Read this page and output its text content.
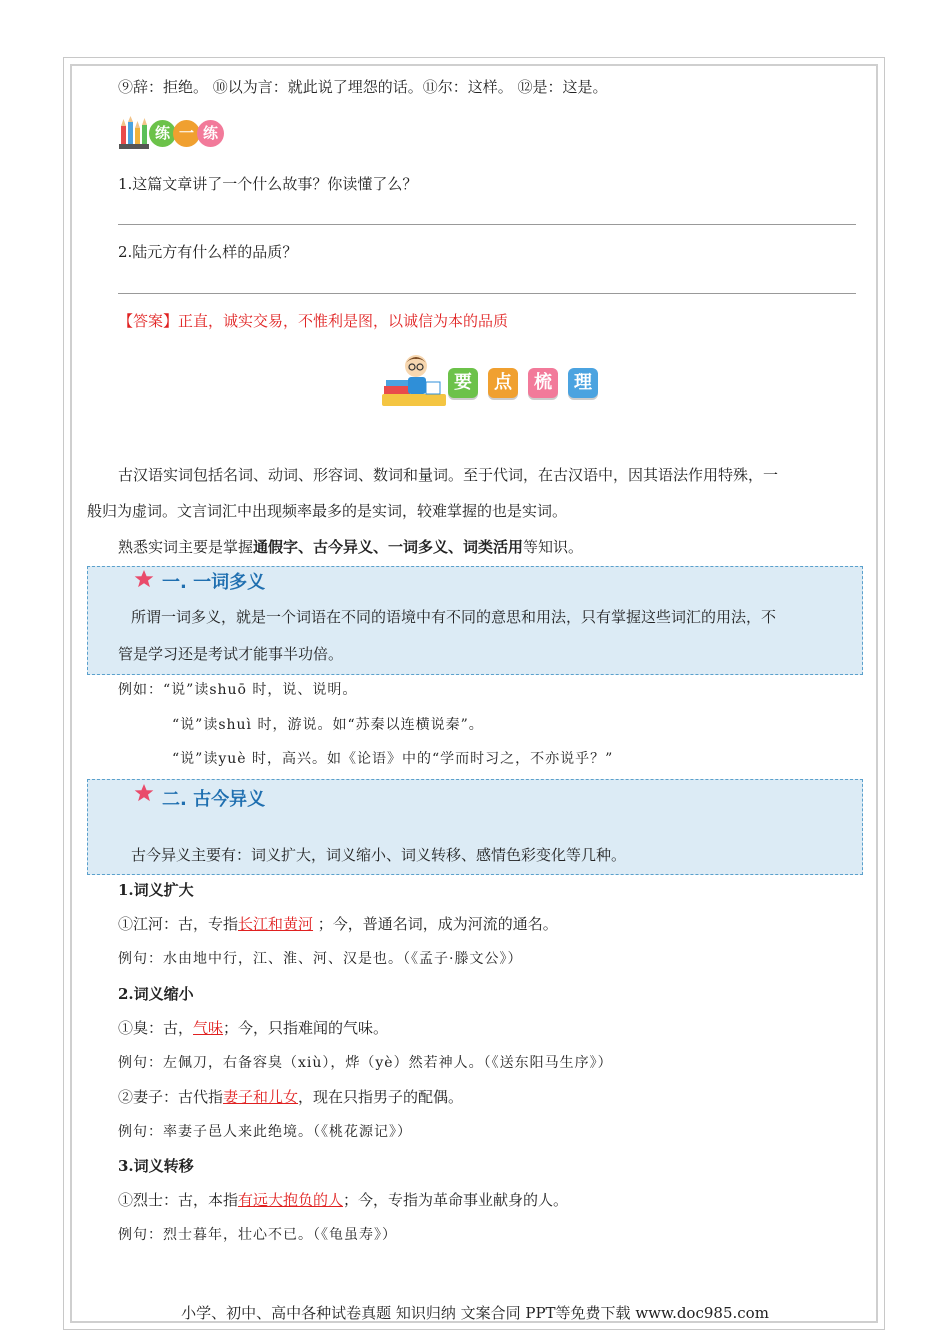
⑨辞：拒绝。 ⑩以为言：就此说了埋怨的话。⑪尔：这样。 ⑫是：这是。
练 一 练
1.这篇文章讲了一个什么故事？你读懂了么？
2.陆元方有什么样的品质？
【答案】正直，诚实交易，不惟利是图，以诚信为本的品质
要	点	梳	理
古汉语实词包括名词、动词、形容词、数词和量词。至于代词，在古汉语中，因其语法作用特殊，一
般归为虚词。文言词汇中出现频率最多的是实词，较难掌握的也是实词。
熟悉实词主要是掌握通假字、古今异义、一词多义、词类活用等知识。
一. 一词多义
所谓一词多义，就是一个词语在不同的语境中有不同的意思和用法，只有掌握这些词汇的用法，不
管是学习还是考试才能事半功倍。
例如：“说”读shuō 时，说、说明。
“说”读shuì 时，游说。如“苏秦以连横说秦”。
“说”读yuè 时，高兴。如《论语》中的“学而时习之，不亦说乎？”
二. 古今异义
古今异义主要有：词义扩大，词义缩小、词义转移、感情色彩变化等几种。
1.词义扩大
①江河：古，专指长江和黄河 ；今，普通名词，成为河流的通名。
例句：水由地中行，江、淮、河、汉是也。（《孟子·滕文公》）
2.词义缩小
①臭：古，气味；今，只指难闻的气味。
例句：左佩刀，右备容臭（xiù），烨（yè）然若神人。（《送东阳马生序》）
②妻子：古代指妻子和儿女，现在只指男子的配偶。
例句：率妻子邑人来此绝境。（《桃花源记》）
3.词义转移
①烈士：古，本指有远大抱负的人；今，专指为革命事业献身的人。
例句：烈士暮年，壮心不已。（《龟虽寿》）
小学、初中、高中各种试卷真题 知识归纳 文案合同 PPT等免费下载 www.doc985.com
